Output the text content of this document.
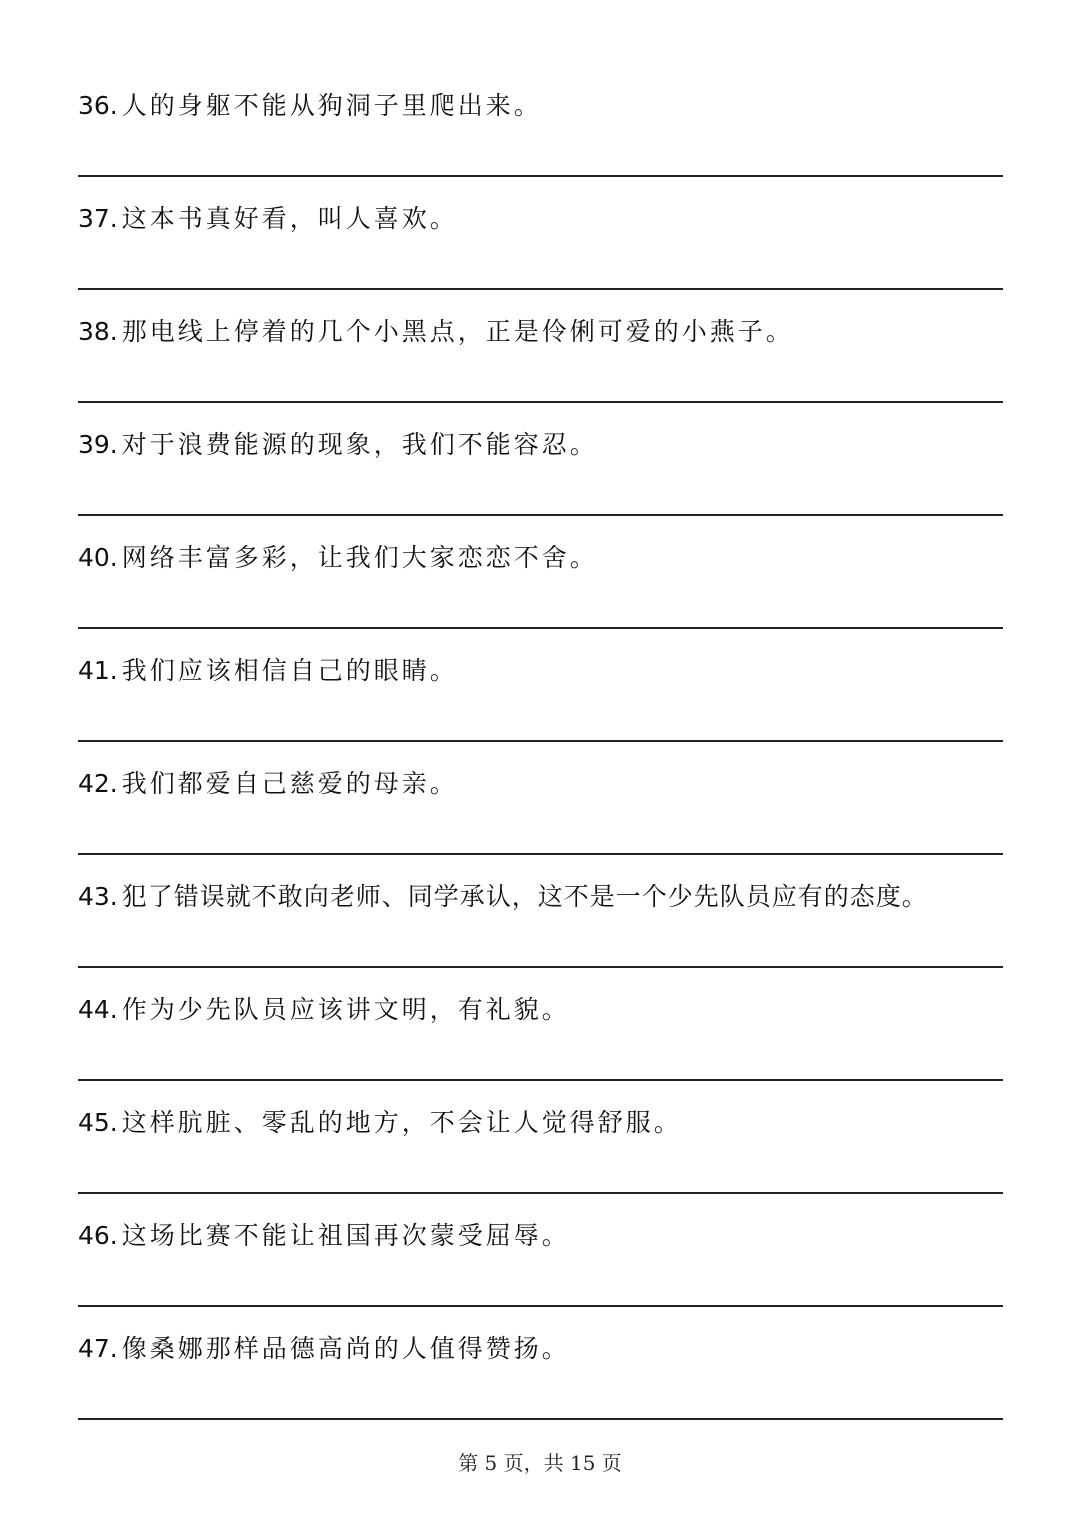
36. 人的身躯不能从狗洞子里爬出来。
37. 这本书真好看，叫人喜欢。
38. 那电线上停着的几个小黑点，正是伶俐可爱的小燕子。
39. 对于浪费能源的现象，我们不能容忍。
40. 网络丰富多彩，让我们大家恋恋不舍。
41. 我们应该相信自己的眼睛。
42. 我们都爱自己慈爱的母亲。
43. 犯了错误就不敢向老师、同学承认，这不是一个少先队员应有的态度。
44. 作为少先队员应该讲文明，有礼貌。
45. 这样肮脏、零乱的地方，不会让人觉得舒服。
46. 这场比赛不能让祖国再次蒙受屈辱。
47. 像桑娜那样品德高尚的人值得赞扬。
第 5 页，共 15 页
